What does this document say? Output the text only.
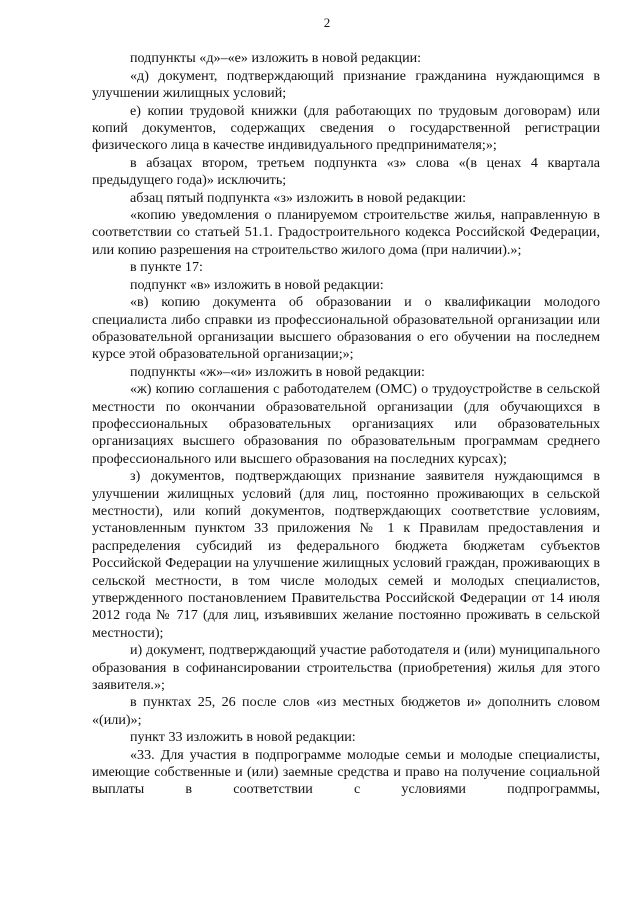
2

подпункты «д»–«е» изложить в новой редакции:

«д) документ, подтверждающий признание гражданина нуждающимся в улучшении жилищных условий;

е) копии трудовой книжки (для работающих по трудовым договорам) или копий документов, содержащих сведения о государственной регистрации физического лица в качестве индивидуального предпринимателя;»;

в абзацах втором, третьем подпункта «з» слова «(в ценах 4 квартала предыдущего года)» исключить;

абзац пятый подпункта «з» изложить в новой редакции:

«копию уведомления о планируемом строительстве жилья, направленную в соответствии со статьей 51.1. Градостроительного кодекса Российской Федерации, или копию разрешения на строительство жилого дома (при наличии).»;

в пункте 17:

подпункт «в» изложить в новой редакции:

«в) копию документа об образовании и о квалификации молодого специалиста либо справки из профессиональной образовательной организации или образовательной организации высшего образования о его обучении на последнем курсе этой образовательной организации;»;

подпункты «ж»–«и» изложить в новой редакции:

«ж) копию соглашения с работодателем (ОМС) о трудоустройстве в сельской местности по окончании образовательной организации (для обучающихся в профессиональных образовательных организациях или образовательных организациях высшего образования по образовательным программам среднего профессионального или высшего образования на последних курсах);

з) документов, подтверждающих признание заявителя нуждающимся в улучшении жилищных условий (для лиц, постоянно проживающих в сельской местности), или копий документов, подтверждающих соответствие условиям, установленным пунктом 33 приложения № 1 к Правилам предоставления и распределения субсидий из федерального бюджета бюджетам субъектов Российской Федерации на улучшение жилищных условий граждан, проживающих в сельской местности, в том числе молодых семей и молодых специалистов, утвержденного постановлением Правительства Российской Федерации от 14 июля 2012 года № 717 (для лиц, изъявивших желание постоянно проживать в сельской местности);

и) документ, подтверждающий участие работодателя и (или) муниципального образования в софинансировании строительства (приобретения) жилья для этого заявителя.»;

в пунктах 25, 26 после слов «из местных бюджетов и» дополнить словом «(или)»;

пункт 33 изложить в новой редакции:

«33. Для участия в подпрограмме молодые семьи и молодые специалисты, имеющие собственные и (или) заемные средства и право на получение социальной выплаты в соответствии с условиями подпрограммы,
